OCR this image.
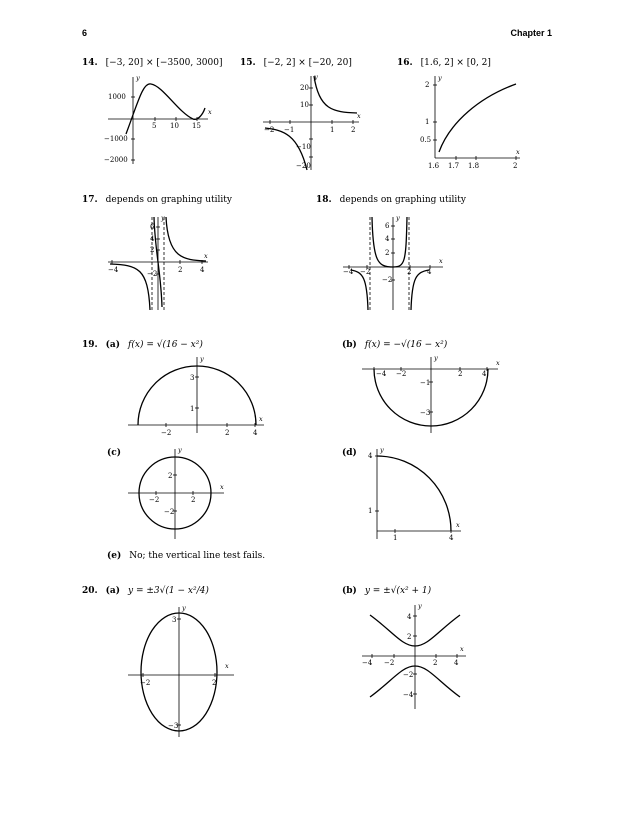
6	Chapter 1
14. [−3, 20] × [−3500, 3000] 15. [−2, 2] × [−20, 20]	16. [1.6, 2] × [0, 2]
1000
−1000
−2000
5 10 15
x
y
20
10
−10
−20
−2 −1	1 2
x
y
2
1
0.5
1.6 1.7 1.8	2
x
y
17. depends on graphing utility	18. depends on graphing utility
6
4
2
−2
−4	2	4
x
y
6
4
2
−2
−4 −2	2 4
x
y
19. (a) f(x) = √(16 − x²)	(b) f(x) = −√(16 − x²)
3
1
−2	2	4
x
y
−1
−3
−4 −2	2	4
x
y
(c)	(d)
2
−2
−2	2
x
y
4
1
1	4
x
y
(e) No; the vertical line test fails.
20. (a) y = ±3√(1 − x²/4)	(b) y = ±√(x² + 1)
3
−3
−2	2
x
y
4
2
−2
−4
−4 −2	2 4
x
y
